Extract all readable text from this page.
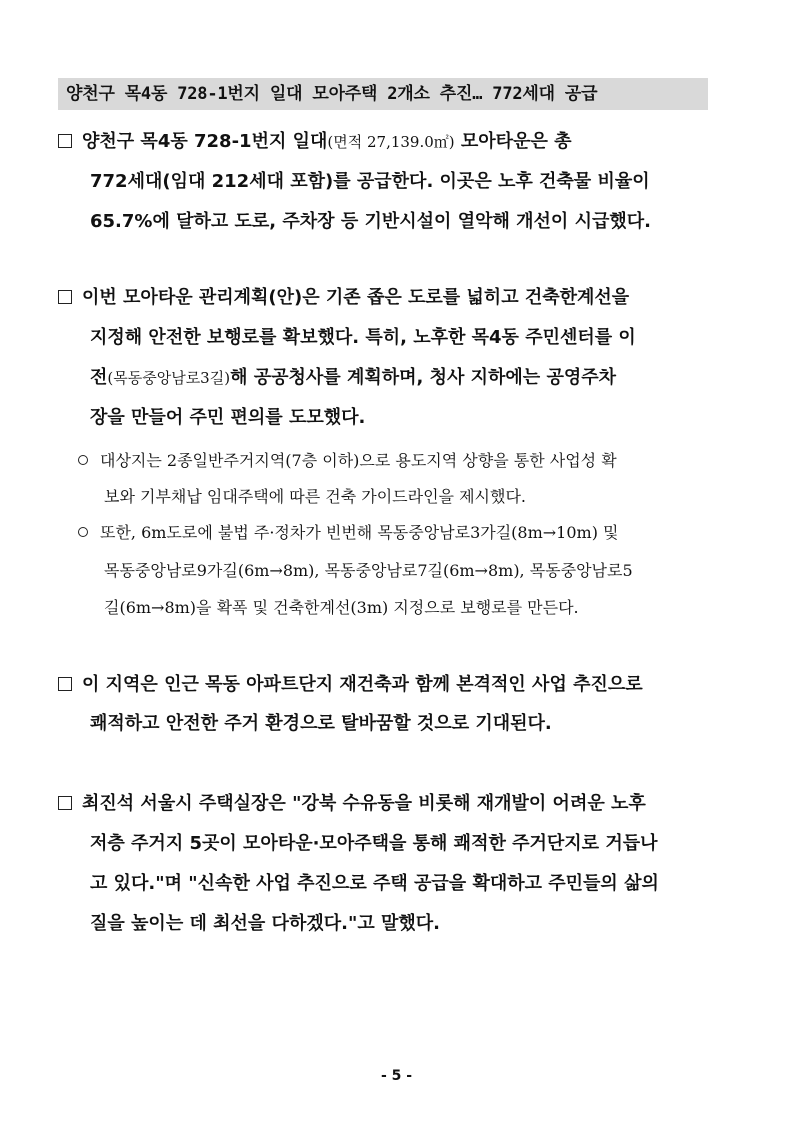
양천구 목4동 728-1번지 일대 모아주택 2개소 추진… 772세대 공급
양천구 목4동 728-1번지 일대(면적 27,139.0㎡) 모아타운은 총
772세대(임대 212세대 포함)를 공급한다. 이곳은 노후 건축물 비율이
65.7%에 달하고 도로, 주차장 등 기반시설이 열악해 개선이 시급했다.
이번 모아타운 관리계획(안)은 기존 좁은 도로를 넓히고 건축한계선을
지정해 안전한 보행로를 확보했다. 특히, 노후한 목4동 주민센터를 이
전(목동중앙남로3길)해 공공청사를 계획하며, 청사 지하에는 공영주차
장을 만들어 주민 편의를 도모했다.
대상지는 2종일반주거지역(7층 이하)으로 용도지역 상향을 통한 사업성 확
보와 기부채납 임대주택에 따른 건축 가이드라인을 제시했다.
또한, 6m도로에 불법 주·정차가 빈번해 목동중앙남로3가길(8m→10m) 및
목동중앙남로9가길(6m→8m), 목동중앙남로7길(6m→8m), 목동중앙남로5
길(6m→8m)을 확폭 및 건축한계선(3m) 지정으로 보행로를 만든다.
이 지역은 인근 목동 아파트단지 재건축과 함께 본격적인 사업 추진으로
쾌적하고 안전한 주거 환경으로 탈바꿈할 것으로 기대된다.
최진석 서울시 주택실장은 "강북 수유동을 비롯해 재개발이 어려운 노후
저층 주거지 5곳이 모아타운·모아주택을 통해 쾌적한 주거단지로 거듭나
고 있다."며 "신속한 사업 추진으로 주택 공급을 확대하고 주민들의 삶의
질을 높이는 데 최선을 다하겠다."고 말했다.
- 5 -
